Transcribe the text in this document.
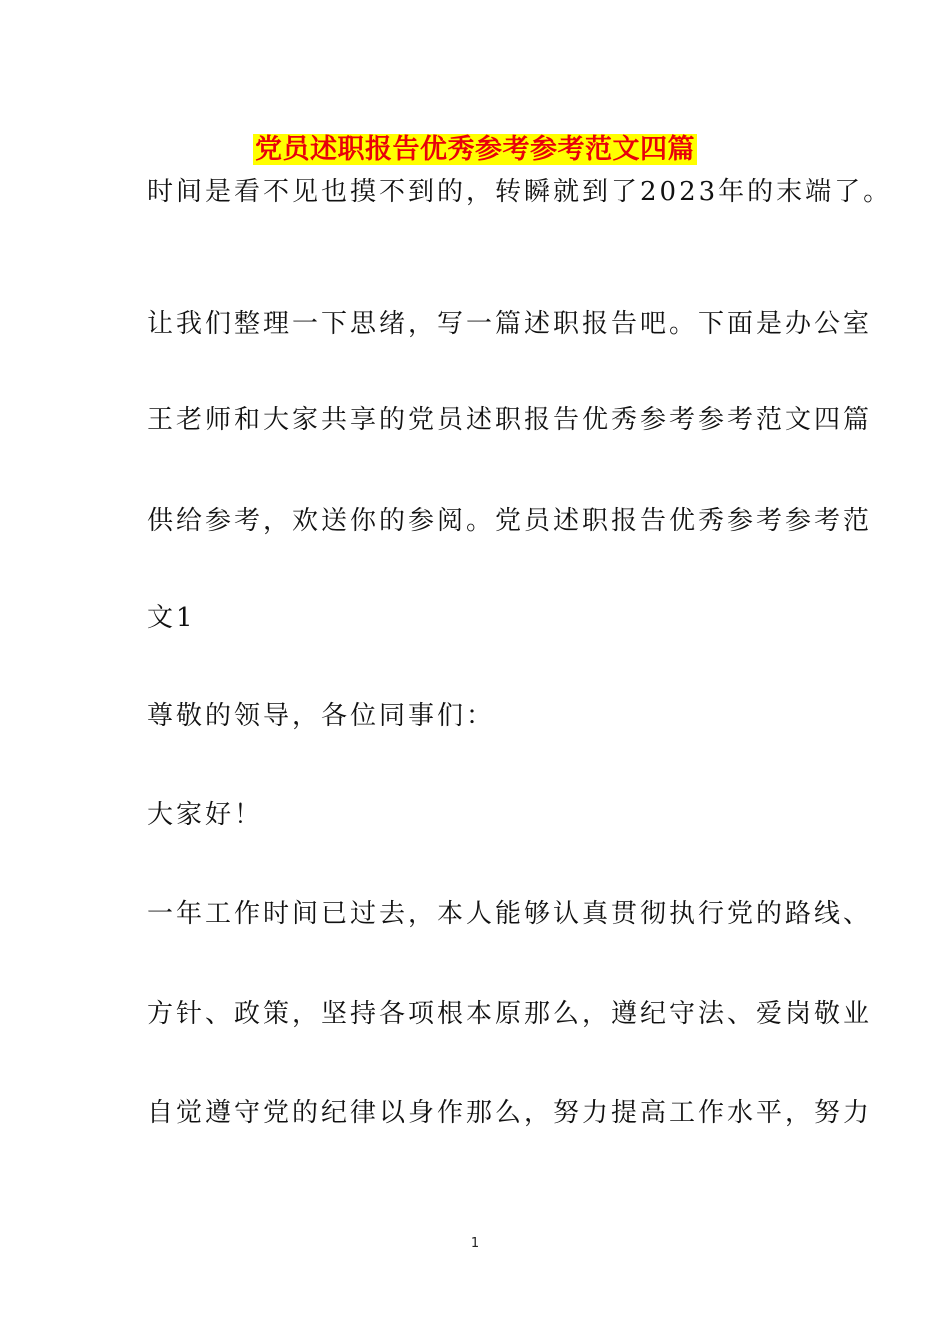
党员述职报告优秀参考参考范文四篇
时间是看不见也摸不到的，转瞬就到了2023年的末端了。
让我们整理一下思绪，写一篇述职报告吧。下面是办公室
王老师和大家共享的党员述职报告优秀参考参考范文四篇
供给参考，欢送你的参阅。党员述职报告优秀参考参考范
文1
尊敬的领导，各位同事们：
大家好！
一年工作时间已过去，本人能够认真贯彻执行党的路线、
方针、政策，坚持各项根本原那么，遵纪守法、爱岗敬业
自觉遵守党的纪律以身作那么，努力提高工作水平，努力
1
